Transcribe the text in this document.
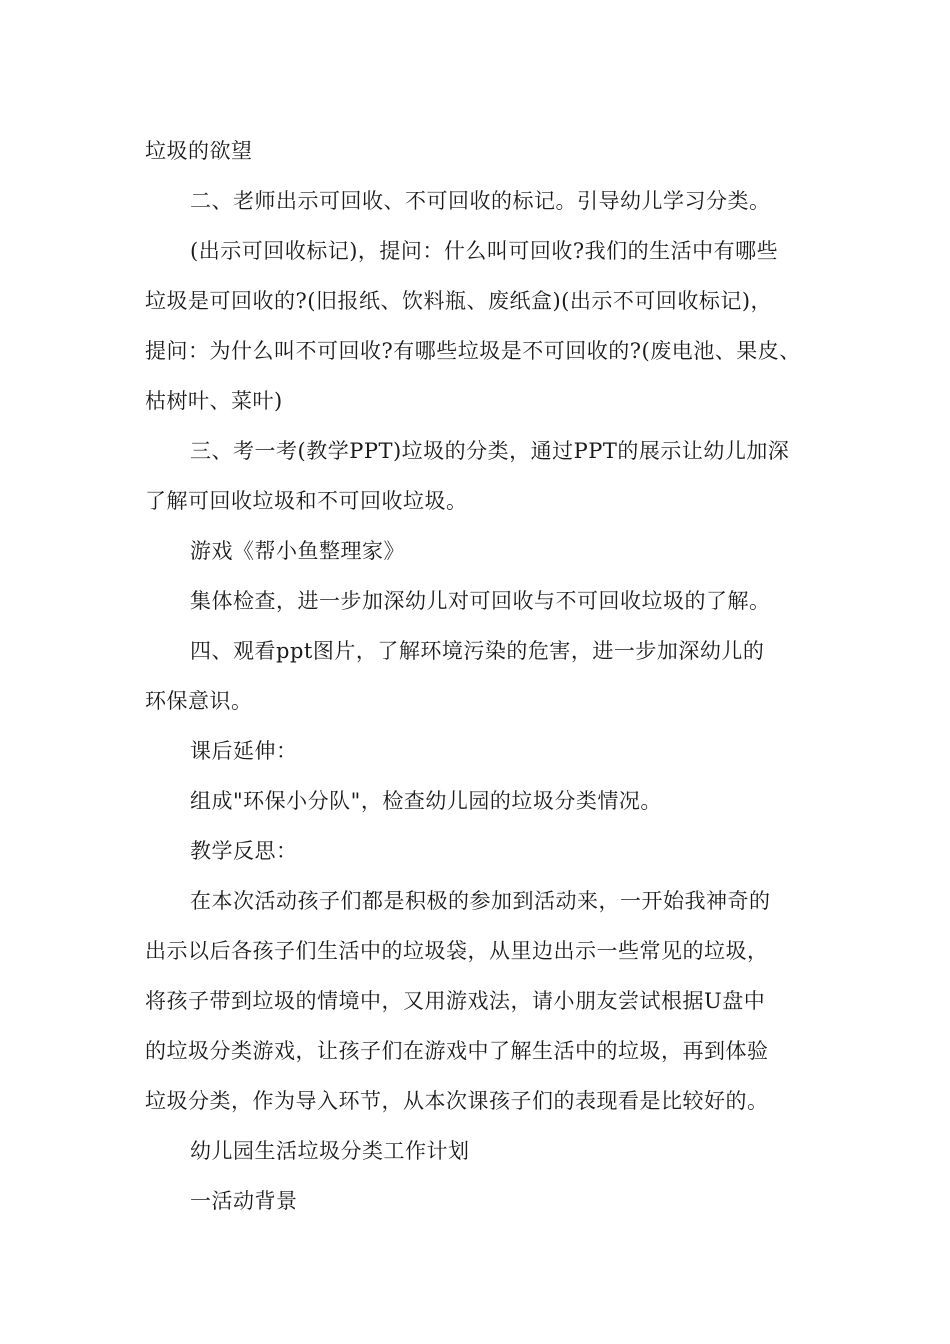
垃圾的欲望
二、老师出示可回收、不可回收的标记。引导幼儿学习分类。
(出示可回收标记)，提问：什么叫可回收?我们的生活中有哪些
垃圾是可回收的?(旧报纸、饮料瓶、废纸盒)(出示不可回收标记)，
提问：为什么叫不可回收?有哪些垃圾是不可回收的?(废电池、果皮、
枯树叶、菜叶)
三、考一考(教学PPT)垃圾的分类，通过PPT的展示让幼儿加深
了解可回收垃圾和不可回收垃圾。
游戏《帮小鱼整理家》
集体检查，进一步加深幼儿对可回收与不可回收垃圾的了解。
四、观看ppt图片，了解环境污染的危害，进一步加深幼儿的
环保意识。
课后延伸：
组成"环保小分队"，检查幼儿园的垃圾分类情况。
教学反思：
在本次活动孩子们都是积极的参加到活动来，一开始我神奇的
出示以后各孩子们生活中的垃圾袋，从里边出示一些常见的垃圾，
将孩子带到垃圾的情境中，又用游戏法，请小朋友尝试根据U盘中
的垃圾分类游戏，让孩子们在游戏中了解生活中的垃圾，再到体验
垃圾分类，作为导入环节，从本次课孩子们的表现看是比较好的。
幼儿园生活垃圾分类工作计划
一活动背景
